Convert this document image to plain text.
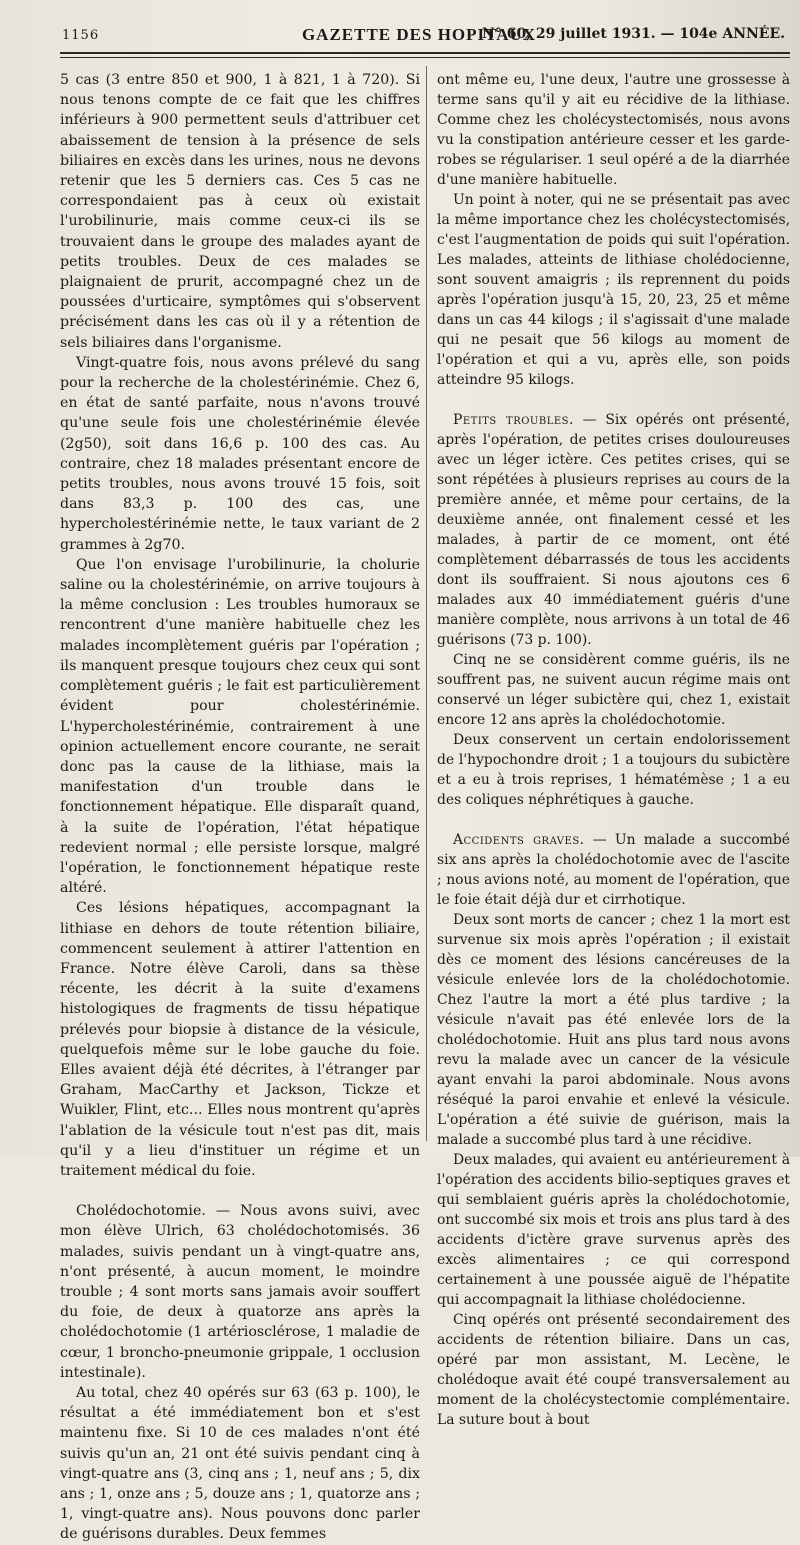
1156	GAZETTE DES HOPITAUX
N° 60, 29 juillet 1931. — 104e ANNÉE.

5 cas (3 entre 850 et 900, 1 à 821, 1 à 720). Si nous tenons compte de ce fait que les chiffres inférieurs à 900 permettent seuls d'attribuer cet abaissement de tension à la présence de sels biliaires en excès dans les urines, nous ne devons retenir que les 5 derniers cas. Ces 5 cas ne correspondaient pas à ceux où existait l'urobilinurie, mais comme ceux-ci ils se trouvaient dans le groupe des malades ayant de petits troubles. Deux de ces malades se plaignaient de prurit, accompagné chez un de poussées d'urticaire, symptômes qui s'observent précisément dans les cas où il y a rétention de sels biliaires dans l'organisme.

Vingt-quatre fois, nous avons prélevé du sang pour la recherche de la cholestérinémie. Chez 6, en état de santé parfaite, nous n'avons trouvé qu'une seule fois une cholestérinémie élevée (2g50), soit dans 16,6 p. 100 des cas. Au contraire, chez 18 malades présentant encore de petits troubles, nous avons trouvé 15 fois, soit dans 83,3 p. 100 des cas, une hypercholestérinémie nette, le taux variant de 2 grammes à 2g70.

Que l'on envisage l'urobilinurie, la cholurie saline ou la cholestérinémie, on arrive toujours à la même conclusion : Les troubles humoraux se rencontrent d'une manière habituelle chez les malades incomplètement guéris par l'opération ; ils manquent presque toujours chez ceux qui sont complètement guéris ; le fait est particulièrement évident pour cholestérinémie. L'hypercholestérinémie, contrairement à une opinion actuellement encore courante, ne serait donc pas la cause de la lithiase, mais la manifestation d'un trouble dans le fonctionnement hépatique. Elle disparaît quand, à la suite de l'opération, l'état hépatique redevient normal ; elle persiste lorsque, malgré l'opération, le fonctionnement hépatique reste altéré.

Ces lésions hépatiques, accompagnant la lithiase en dehors de toute rétention biliaire, commencent seulement à attirer l'attention en France. Notre élève Caroli, dans sa thèse récente, les décrit à la suite d'examens histologiques de fragments de tissu hépatique prélevés pour biopsie à distance de la vésicule, quelquefois même sur le lobe gauche du foie. Elles avaient déjà été décrites, à l'étranger par Graham, MacCarthy et Jackson, Tickze et Wuikler, Flint, etc... Elles nous montrent qu'après l'ablation de la vésicule tout n'est pas dit, mais qu'il y a lieu d'instituer un régime et un traitement médical du foie.

Cholédochotomie. — Nous avons suivi, avec mon élève Ulrich, 63 cholédochotomisés. 36 malades, suivis pendant un à vingt-quatre ans, n'ont présenté, à aucun moment, le moindre trouble ; 4 sont morts sans jamais avoir souffert du foie, de deux à quatorze ans après la cholédochotomie (1 artériosclérose, 1 maladie de cœur, 1 broncho-pneumonie grippale, 1 occlusion intestinale).

Au total, chez 40 opérés sur 63 (63 p. 100), le résultat a été immédiatement bon et s'est maintenu fixe. Si 10 de ces malades n'ont été suivis qu'un an, 21 ont été suivis pendant cinq à vingt-quatre ans (3, cinq ans ; 1, neuf ans ; 5, dix ans ; 1, onze ans ; 5, douze ans ; 1, quatorze ans ; 1, vingt-quatre ans). Nous pouvons donc parler de guérisons durables. Deux femmes

ont même eu, l'une deux, l'autre une grossesse à terme sans qu'il y ait eu récidive de la lithiase. Comme chez les cholécystectomisés, nous avons vu la constipation antérieure cesser et les garde-robes se régulariser. 1 seul opéré a de la diarrhée d'une manière habituelle.

Un point à noter, qui ne se présentait pas avec la même importance chez les cholécystectomisés, c'est l'augmentation de poids qui suit l'opération. Les malades, atteints de lithiase cholédocienne, sont souvent amaigris ; ils reprennent du poids après l'opération jusqu'à 15, 20, 23, 25 et même dans un cas 44 kilogs ; il s'agissait d'une malade qui ne pesait que 56 kilogs au moment de l'opération et qui a vu, après elle, son poids atteindre 95 kilogs.

Petits troubles. — Six opérés ont présenté, après l'opération, de petites crises douloureuses avec un léger ictère. Ces petites crises, qui se sont répétées à plusieurs reprises au cours de la première année, et même pour certains, de la deuxième année, ont finalement cessé et les malades, à partir de ce moment, ont été complètement débarrassés de tous les accidents dont ils souffraient. Si nous ajoutons ces 6 malades aux 40 immédiatement guéris d'une manière complète, nous arrivons à un total de 46 guérisons (73 p. 100).

Cinq ne se considèrent comme guéris, ils ne souffrent pas, ne suivent aucun régime mais ont conservé un léger subictère qui, chez 1, existait encore 12 ans après la cholédochotomie.

Deux conservent un certain endolorissement de l'hypochondre droit ; 1 a toujours du subictère et a eu à trois reprises, 1 hématémèse ; 1 a eu des coliques néphrétiques à gauche.

Accidents graves. — Un malade a succombé six ans après la cholédochotomie avec de l'ascite ; nous avions noté, au moment de l'opération, que le foie était déjà dur et cirrhotique.

Deux sont morts de cancer ; chez 1 la mort est survenue six mois après l'opération ; il existait dès ce moment des lésions cancéreuses de la vésicule enlevée lors de la cholédochotomie. Chez l'autre la mort a été plus tardive ; la vésicule n'avait pas été enlevée lors de la cholédochotomie. Huit ans plus tard nous avons revu la malade avec un cancer de la vésicule ayant envahi la paroi abdominale. Nous avons réséqué la paroi envahie et enlevé la vésicule. L'opération a été suivie de guérison, mais la malade a succombé plus tard à une récidive.

Deux malades, qui avaient eu antérieurement à l'opération des accidents bilio-septiques graves et qui semblaient guéris après la cholédochotomie, ont succombé six mois et trois ans plus tard à des accidents d'ictère grave survenus après des excès alimentaires ; ce qui correspond certainement à une poussée aiguë de l'hépatite qui accompagnait la lithiase cholédocienne.

Cinq opérés ont présenté secondairement des accidents de rétention biliaire. Dans un cas, opéré par mon assistant, M. Lecène, le cholédoque avait été coupé transversalement au moment de la cholécystectomie complémentaire. La suture bout à bout
